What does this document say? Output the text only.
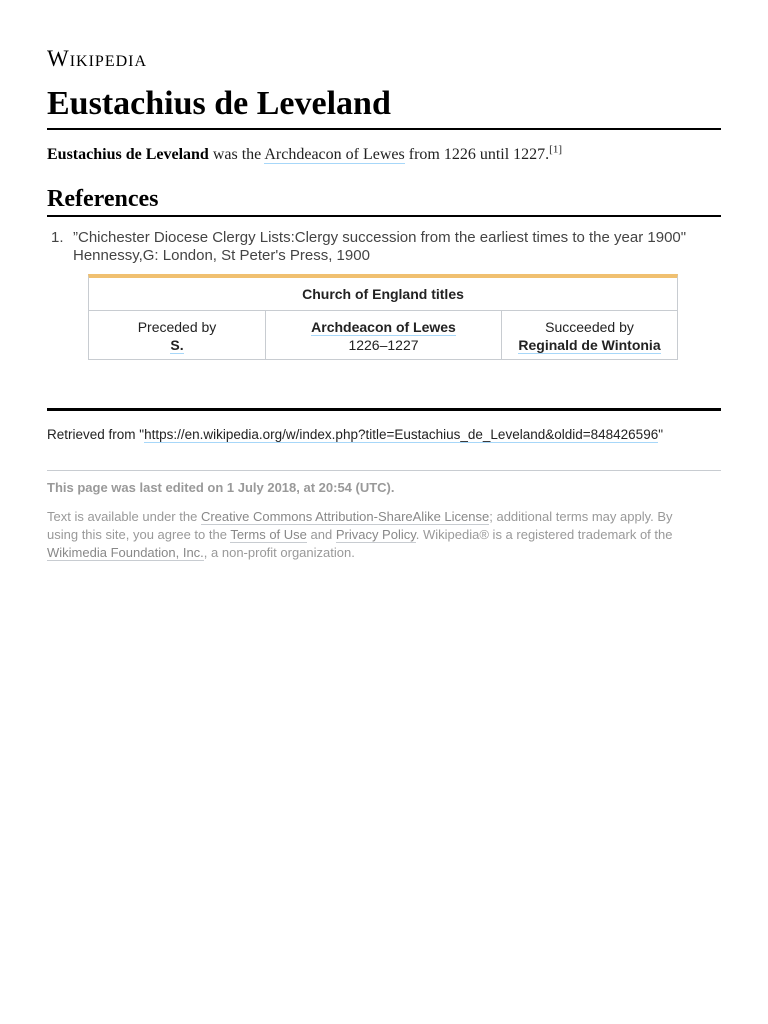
Wikipedia
Eustachius de Leveland
Eustachius de Leveland was the Archdeacon of Lewes from 1226 until 1227.[1]
References
1. ”Chichester Diocese Clergy Lists:Clergy succession from the earliest times to the year 1900" Hennessy,G: London, St Peter's Press, 1900
Church of England titles
Preceded by
S.
Archdeacon of Lewes
1226–1227
Succeeded by
Reginald de Wintonia
Retrieved from "https://en.wikipedia.org/w/index.php?title=Eustachius_de_Leveland&oldid=848426596"
This page was last edited on 1 July 2018, at 20:54 (UTC).
Text is available under the Creative Commons Attribution-ShareAlike License; additional terms may apply. By using this site, you agree to the Terms of Use and Privacy Policy. Wikipedia® is a registered trademark of the Wikimedia Foundation, Inc., a non-profit organization.
